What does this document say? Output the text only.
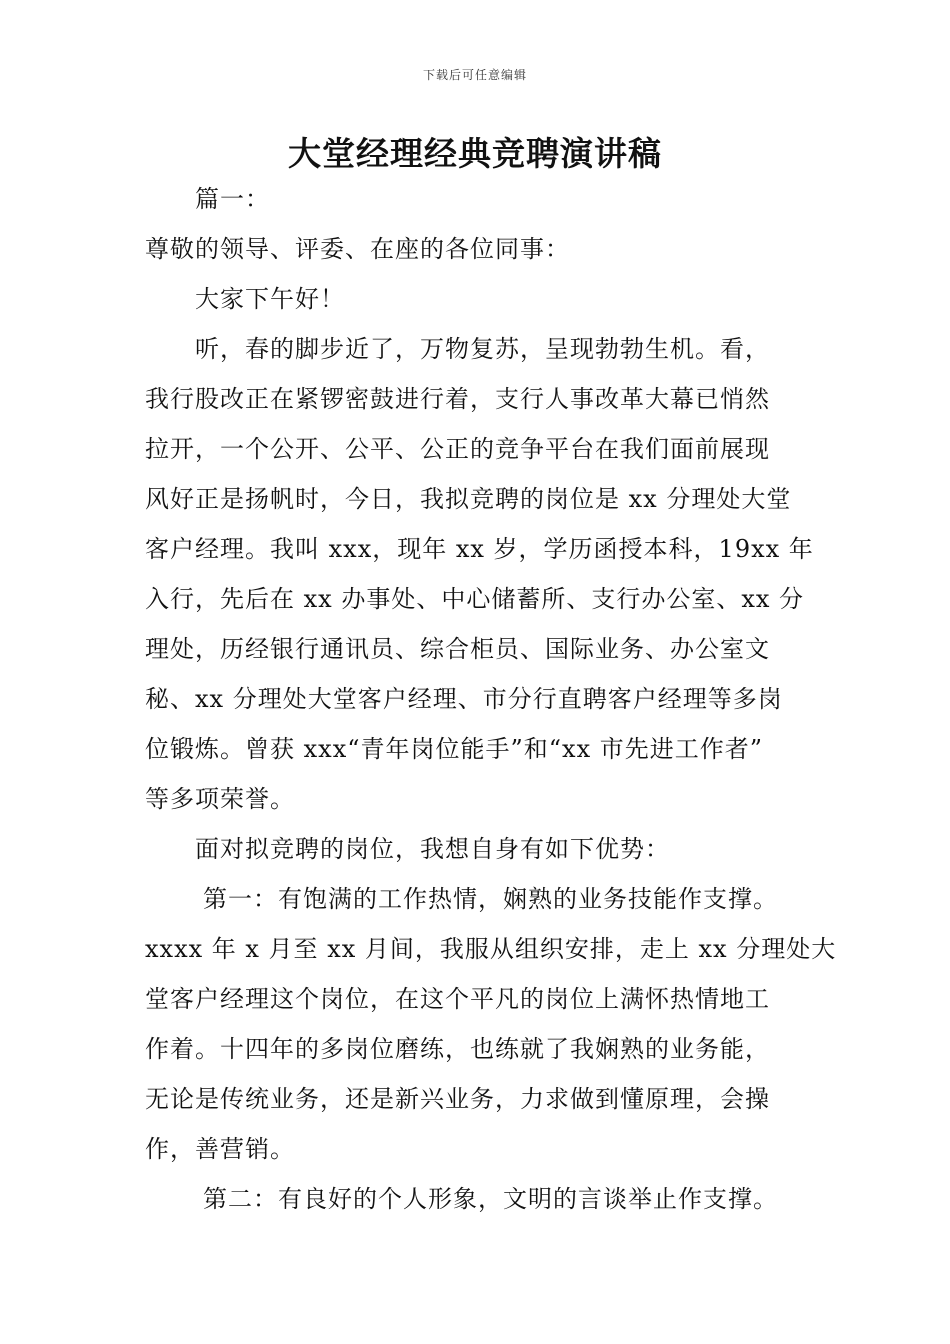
下载后可任意编辑
大堂经理经典竞聘演讲稿
篇一：
尊敬的领导、评委、在座的各位同事：
大家下午好！
听，春的脚步近了，万物复苏，呈现勃勃生机。看，
我行股改正在紧锣密鼓进行着，支行人事改革大幕已悄然
拉开，一个公开、公平、公正的竞争平台在我们面前展现
风好正是扬帆时，今日，我拟竞聘的岗位是 xx 分理处大堂
客户经理。我叫 xxx，现年 xx 岁，学历函授本科，19xx 年
入行，先后在 xx 办事处、中心储蓄所、支行办公室、xx 分
理处，历经银行通讯员、综合柜员、国际业务、办公室文
秘、xx 分理处大堂客户经理、市分行直聘客户经理等多岗
位锻炼。曾获 xxx“青年岗位能手”和“xx 市先进工作者”
等多项荣誉。
面对拟竞聘的岗位，我想自身有如下优势：
第一：有饱满的工作热情，娴熟的业务技能作支撑。
xxxx 年 x 月至 xx 月间，我服从组织安排，走上 xx 分理处大
堂客户经理这个岗位，在这个平凡的岗位上满怀热情地工
作着。十四年的多岗位磨练，也练就了我娴熟的业务能，
无论是传统业务，还是新兴业务，力求做到懂原理，会操
作，善营销。
第二：有良好的个人形象，文明的言谈举止作支撑。
